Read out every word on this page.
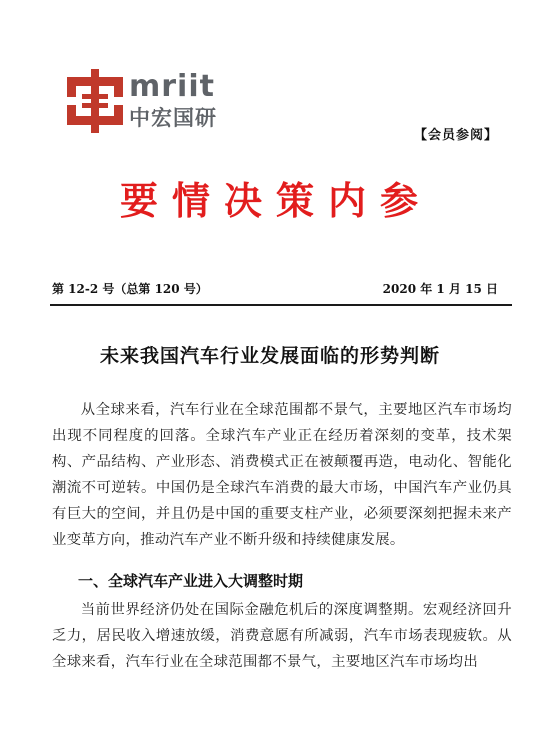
mriit
中宏国研
【会员参阅】
要情决策内参
第 12-2 号（总第 120 号）	2020 年 1 月 15 日
未来我国汽车行业发展面临的形势判断

从全球来看，汽车行业在全球范围都不景气，主要地区汽车市场均出现不同程度的回落。全球汽车产业正在经历着深刻的变革，技术架构、产品结构、产业形态、消费模式正在被颠覆再造，电动化、智能化潮流不可逆转。中国仍是全球汽车消费的最大市场，中国汽车产业仍具有巨大的空间，并且仍是中国的重要支柱产业，必须要深刻把握未来产业变革方向，推动汽车产业不断升级和持续健康发展。

一、全球汽车产业进入大调整时期

当前世界经济仍处在国际金融危机后的深度调整期。宏观经济回升乏力，居民收入增速放缓，消费意愿有所减弱，汽车市场表现疲软。从全球来看，汽车行业在全球范围都不景气，主要地区汽车市场均出
